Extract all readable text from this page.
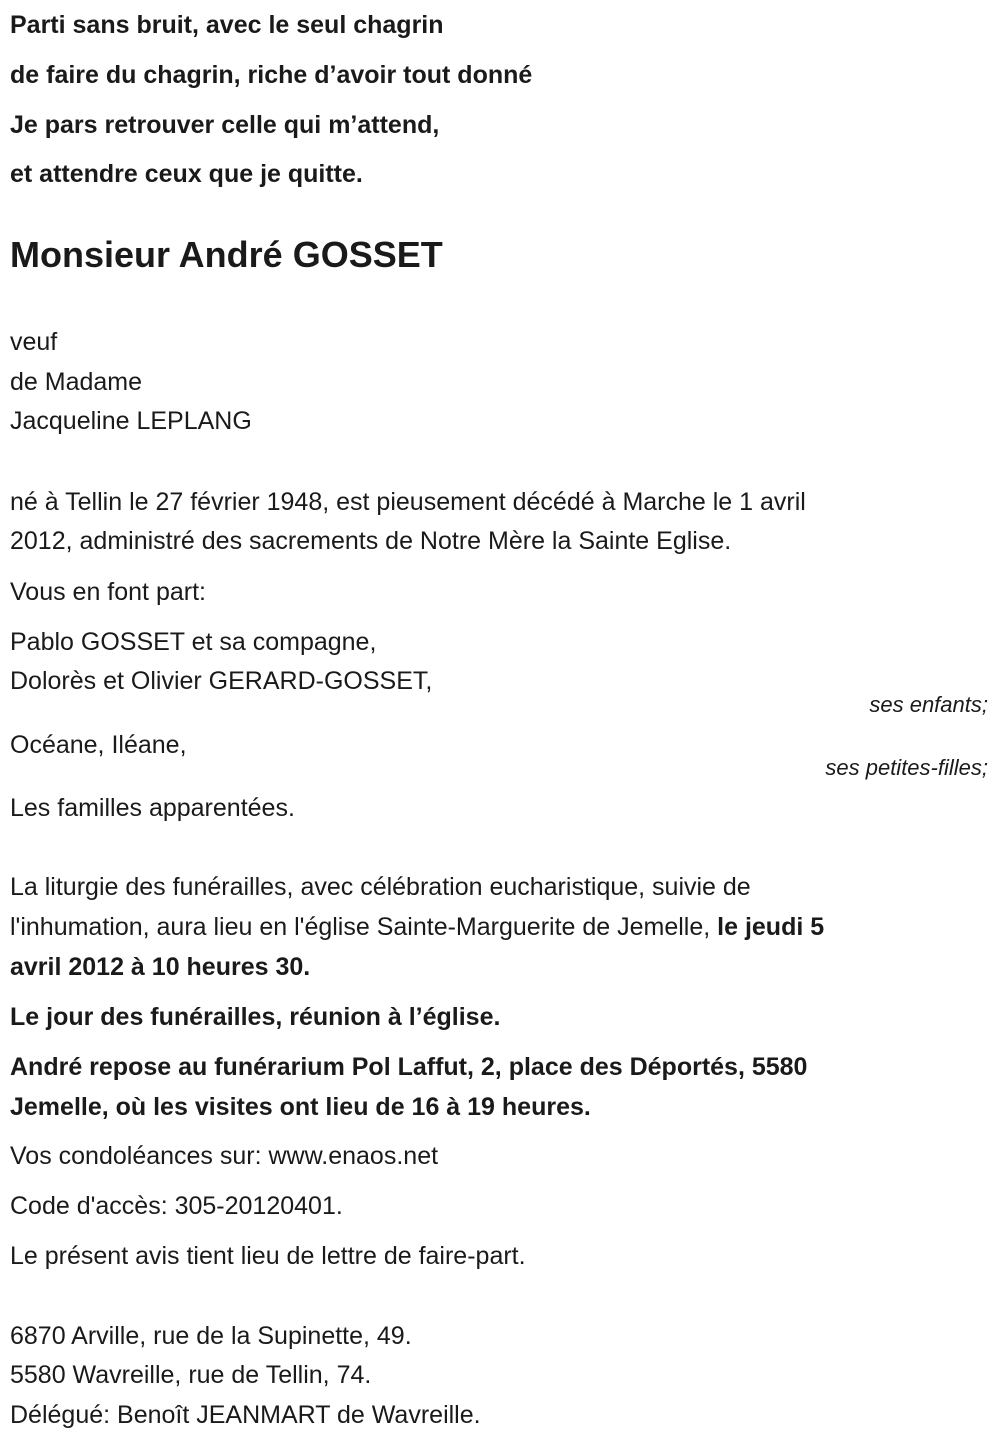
Parti sans bruit, avec le seul chagrin
de faire du chagrin, riche d’avoir tout donné
Je pars retrouver celle qui m’attend,
et attendre ceux que je quitte.
Monsieur André GOSSET
veuf
de Madame
Jacqueline LEPLANG
né à Tellin le 27 février 1948, est pieusement décédé à Marche le 1 avril
2012, administré des sacrements de Notre Mère la Sainte Eglise.
Vous en font part:
Pablo GOSSET et sa compagne,
Dolorès et Olivier GERARD-GOSSET,
ses enfants;
Océane, Iléane,
ses petites-filles;
Les familles apparentées.
La liturgie des funérailles, avec célébration eucharistique, suivie de
l'inhumation, aura lieu en l'église Sainte-Marguerite de Jemelle, le jeudi 5
avril 2012 à 10 heures 30.
Le jour des funérailles, réunion à l’église.
André repose au funérarium Pol Laffut, 2, place des Déportés, 5580
Jemelle, où les visites ont lieu de 16 à 19 heures.
Vos condoléances sur: www.enaos.net
Code d'accès: 305-20120401.
Le présent avis tient lieu de lettre de faire-part.
6870 Arville, rue de la Supinette, 49.
5580 Wavreille, rue de Tellin, 74.
Délégué: Benoît JEANMART de Wavreille.
